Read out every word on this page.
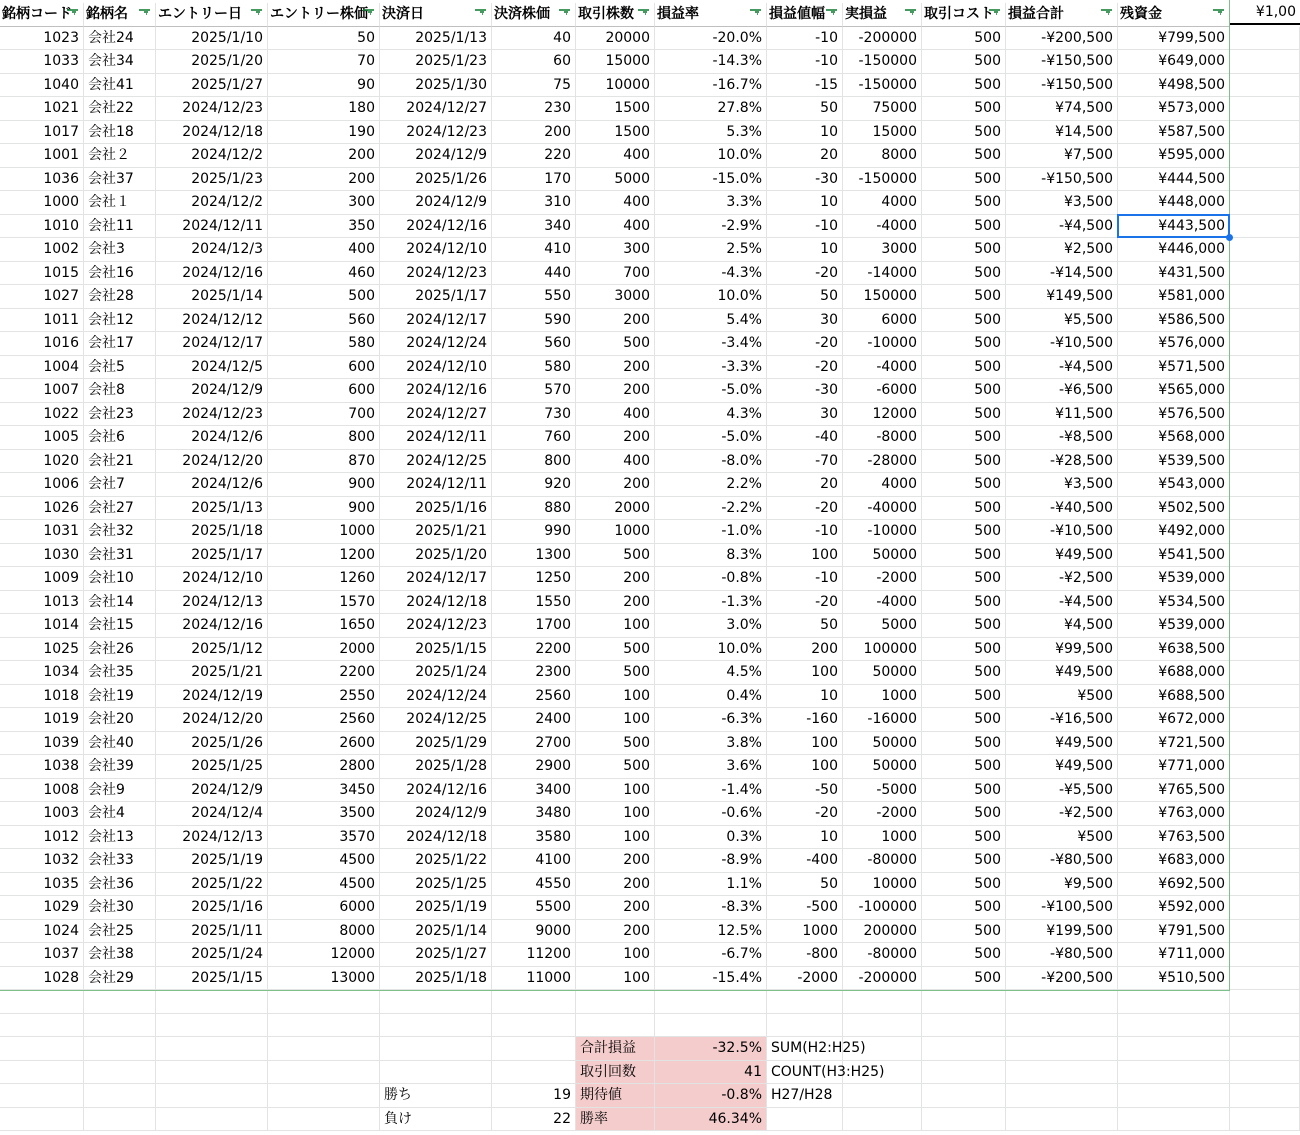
銘柄コード	銘柄名	エントリー日	エントリー株価	決済日	決済株価	取引株数	損益率	損益値幅	実損益	取引コスト	損益合計	残資金
1023 会社24	2025/1/10	50	2025/1/13	40	20000	-20.0%	-10	-200000	500	-¥200,500	¥799,500
1033 会社34	2025/1/20	70	2025/1/23	60	15000	-14.3%	-10	-150000	500	-¥150,500	¥649,000
1040 会社41	2025/1/27	90	2025/1/30	75	10000	-16.7%	-15	-150000	500	-¥150,500	¥498,500
1021 会社22	2024/12/23	180	2024/12/27	230	1500	27.8%	50	75000	500	¥74,500	¥573,000
1017 会社18	2024/12/18	190	2024/12/23	200	1500	5.3%	10	15000	500	¥14,500	¥587,500
1001 会社２	2024/12/2	200	2024/12/9	220	400	10.0%	20	8000	500	¥7,500	¥595,000
1036 会社37	2025/1/23	200	2025/1/26	170	5000	-15.0%	-30	-150000	500	-¥150,500	¥444,500
1000 会社１	2024/12/2	300	2024/12/9	310	400	3.3%	10	4000	500	¥3,500	¥448,000
1010 会社11	2024/12/11	350	2024/12/16	340	400	-2.9%	-10	-4000	500	-¥4,500	¥443,500
1002 会社3	2024/12/3	400	2024/12/10	410	300	2.5%	10	3000	500	¥2,500	¥446,000
1015 会社16	2024/12/16	460	2024/12/23	440	700	-4.3%	-20	-14000	500	-¥14,500	¥431,500
1027 会社28	2025/1/14	500	2025/1/17	550	3000	10.0%	50	150000	500	¥149,500	¥581,000
1011 会社12	2024/12/12	560	2024/12/17	590	200	5.4%	30	6000	500	¥5,500	¥586,500
1016 会社17	2024/12/17	580	2024/12/24	560	500	-3.4%	-20	-10000	500	-¥10,500	¥576,000
1004 会社5	2024/12/5	600	2024/12/10	580	200	-3.3%	-20	-4000	500	-¥4,500	¥571,500
1007 会社8	2024/12/9	600	2024/12/16	570	200	-5.0%	-30	-6000	500	-¥6,500	¥565,000
1022 会社23	2024/12/23	700	2024/12/27	730	400	4.3%	30	12000	500	¥11,500	¥576,500
1005 会社6	2024/12/6	800	2024/12/11	760	200	-5.0%	-40	-8000	500	-¥8,500	¥568,000
1020 会社21	2024/12/20	870	2024/12/25	800	400	-8.0%	-70	-28000	500	-¥28,500	¥539,500
1006 会社7	2024/12/6	900	2024/12/11	920	200	2.2%	20	4000	500	¥3,500	¥543,000
1026 会社27	2025/1/13	900	2025/1/16	880	2000	-2.2%	-20	-40000	500	-¥40,500	¥502,500
1031 会社32	2025/1/18	1000	2025/1/21	990	1000	-1.0%	-10	-10000	500	-¥10,500	¥492,000
1030 会社31	2025/1/17	1200	2025/1/20	1300	500	8.3%	100	50000	500	¥49,500	¥541,500
1009 会社10	2024/12/10	1260	2024/12/17	1250	200	-0.8%	-10	-2000	500	-¥2,500	¥539,000
1013 会社14	2024/12/13	1570	2024/12/18	1550	200	-1.3%	-20	-4000	500	-¥4,500	¥534,500
1014 会社15	2024/12/16	1650	2024/12/23	1700	100	3.0%	50	5000	500	¥4,500	¥539,000
1025 会社26	2025/1/12	2000	2025/1/15	2200	500	10.0%	200	100000	500	¥99,500	¥638,500
1034 会社35	2025/1/21	2200	2025/1/24	2300	500	4.5%	100	50000	500	¥49,500	¥688,000
1018 会社19	2024/12/19	2550	2024/12/24	2560	100	0.4%	10	1000	500	¥500	¥688,500
1019 会社20	2024/12/20	2560	2024/12/25	2400	100	-6.3%	-160	-16000	500	-¥16,500	¥672,000
1039 会社40	2025/1/26	2600	2025/1/29	2700	500	3.8%	100	50000	500	¥49,500	¥721,500
1038 会社39	2025/1/25	2800	2025/1/28	2900	500	3.6%	100	50000	500	¥49,500	¥771,000
1008 会社9	2024/12/9	3450	2024/12/16	3400	100	-1.4%	-50	-5000	500	-¥5,500	¥765,500
1003 会社4	2024/12/4	3500	2024/12/9	3480	100	-0.6%	-20	-2000	500	-¥2,500	¥763,000
1012 会社13	2024/12/13	3570	2024/12/18	3580	100	0.3%	10	1000	500	¥500	¥763,500
1032 会社33	2025/1/19	4500	2025/1/22	4100	200	-8.9%	-400	-80000	500	-¥80,500	¥683,000
1035 会社36	2025/1/22	4500	2025/1/25	4550	200	1.1%	50	10000	500	¥9,500	¥692,500
1029 会社30	2025/1/16	6000	2025/1/19	5500	200	-8.3%	-500	-100000	500	-¥100,500	¥592,000
1024 会社25	2025/1/11	8000	2025/1/14	9000	200	12.5%	1000	200000	500	¥199,500	¥791,500
1037 会社38	2025/1/24	12000	2025/1/27	11200	100	-6.7%	-800	-80000	500	-¥80,500	¥711,000
1028 会社29	2025/1/15	13000	2025/1/18	11000	100	-15.4%	-2000	-200000	500	-¥200,500	¥510,500
合計損益	-32.5% SUM(H2:H25)
取引回数	41 COUNT(H3:H25)
期待値	-0.8% H27/H28
勝率	46.34%
勝ち	19
負け	22
¥1,00
